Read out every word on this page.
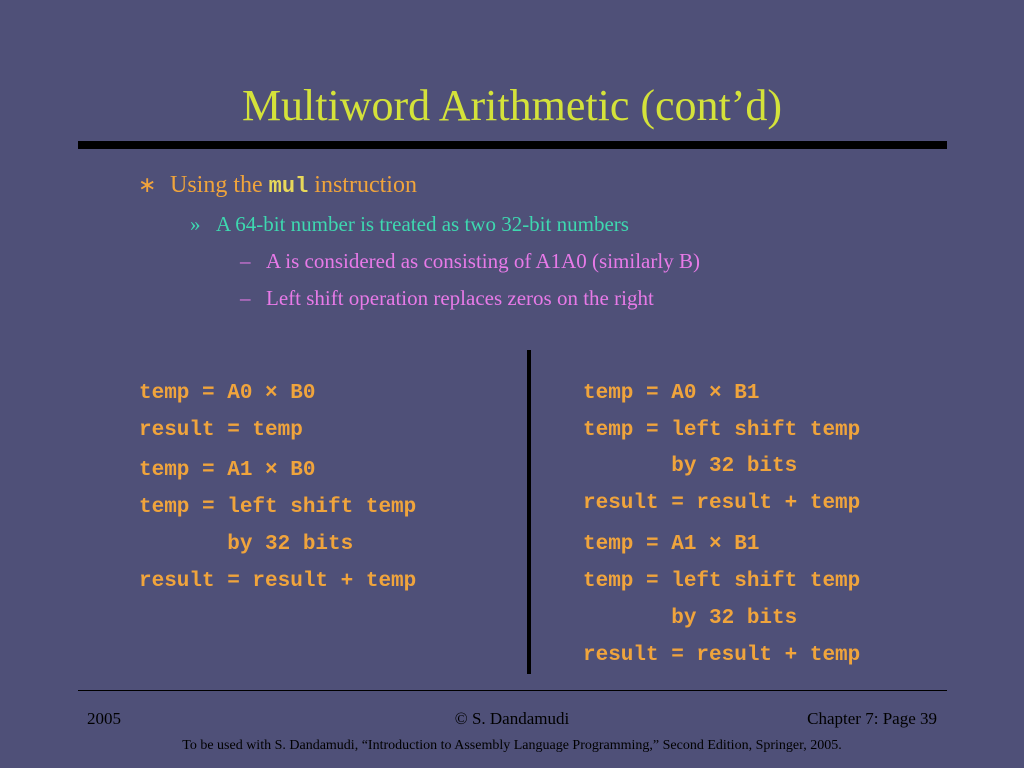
Multiword Arithmetic (cont’d)
∗ Using the mul instruction
» A 64-bit number is treated as two 32-bit numbers
– A is considered as consisting of A1A0 (similarly B)
– Left shift operation replaces zeros on the right

temp = A0 × B0

result = temp

temp = A1 × B0

temp = left shift temp

by 32 bits

result = result + temp

temp = A0 × B1

temp = left shift temp

by 32 bits

result = result + temp

temp = A1 × B1

temp = left shift temp

by 32 bits

result = result + temp

2005	© S. Dandamudi	Chapter 7: Page 39
To be used with S. Dandamudi, “Introduction to Assembly Language Programming,” Second Edition, Springer, 2005.
